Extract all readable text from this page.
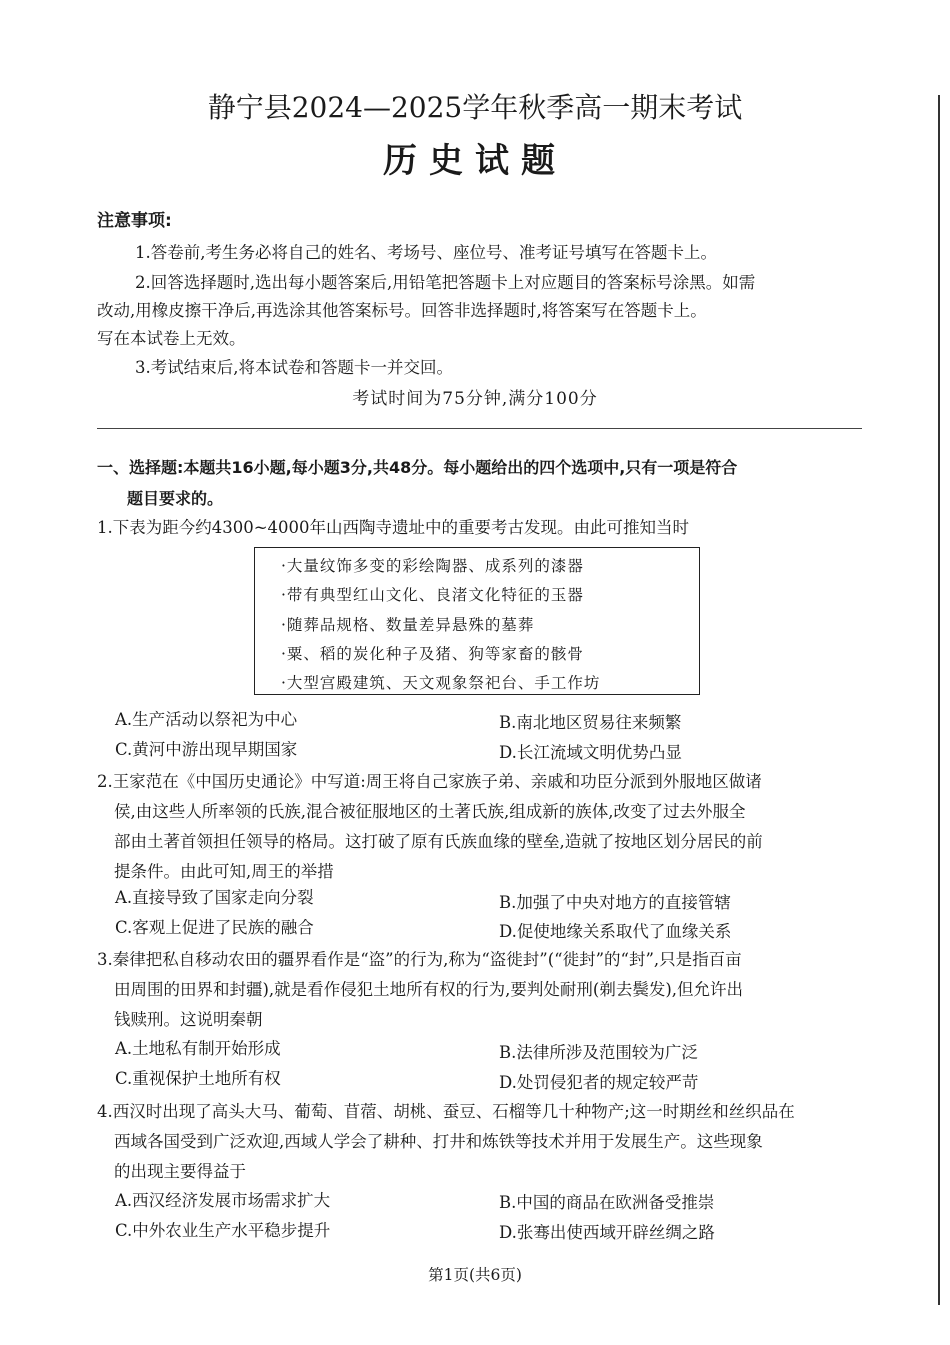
静宁县2024—2025学年秋季高一期末考试
历史试题
注意事项:
1.答卷前,考生务必将自己的姓名、考场号、座位号、准考证号填写在答题卡上。
2.回答选择题时,选出每小题答案后,用铅笔把答题卡上对应题目的答案标号涂黑。如需
改动,用橡皮擦干净后,再选涂其他答案标号。回答非选择题时,将答案写在答题卡上。
写在本试卷上无效。
3.考试结束后,将本试卷和答题卡一并交回。
考试时间为75分钟,满分100分
一、选择题:本题共16小题,每小题3分,共48分。每小题给出的四个选项中,只有一项是符合
题目要求的。
1.下表为距今约4300~4000年山西陶寺遗址中的重要考古发现。由此可推知当时
·大量纹饰多变的彩绘陶器、成系列的漆器
·带有典型红山文化、良渚文化特征的玉器
·随葬品规格、数量差异悬殊的墓葬
·粟、稻的炭化种子及猪、狗等家畜的骸骨
·大型宫殿建筑、天文观象祭祀台、手工作坊
A.生产活动以祭祀为中心	B.南北地区贸易往来频繁
C.黄河中游出现早期国家	D.长江流域文明优势凸显
2.王家范在《中国历史通论》中写道:周王将自己家族子弟、亲戚和功臣分派到外服地区做诸
侯,由这些人所率领的氏族,混合被征服地区的土著氏族,组成新的族体,改变了过去外服全
部由土著首领担任领导的格局。这打破了原有氏族血缘的壁垒,造就了按地区划分居民的前
提条件。由此可知,周王的举措
A.直接导致了国家走向分裂	B.加强了中央对地方的直接管辖
C.客观上促进了民族的融合	D.促使地缘关系取代了血缘关系
3.秦律把私自移动农田的疆界看作是“盗”的行为,称为“盗徙封”(“徙封”的“封”,只是指百亩
田周围的田界和封疆),就是看作侵犯土地所有权的行为,要判处耐刑(剃去鬓发),但允许出
钱赎刑。这说明秦朝
A.土地私有制开始形成	B.法律所涉及范围较为广泛
C.重视保护土地所有权	D.处罚侵犯者的规定较严苛
4.西汉时出现了高头大马、葡萄、苜蓿、胡桃、蚕豆、石榴等几十种物产;这一时期丝和丝织品在
西域各国受到广泛欢迎,西域人学会了耕种、打井和炼铁等技术并用于发展生产。这些现象
的出现主要得益于
A.西汉经济发展市场需求扩大	B.中国的商品在欧洲备受推崇
C.中外农业生产水平稳步提升	D.张骞出使西域开辟丝绸之路
第1页(共6页)
